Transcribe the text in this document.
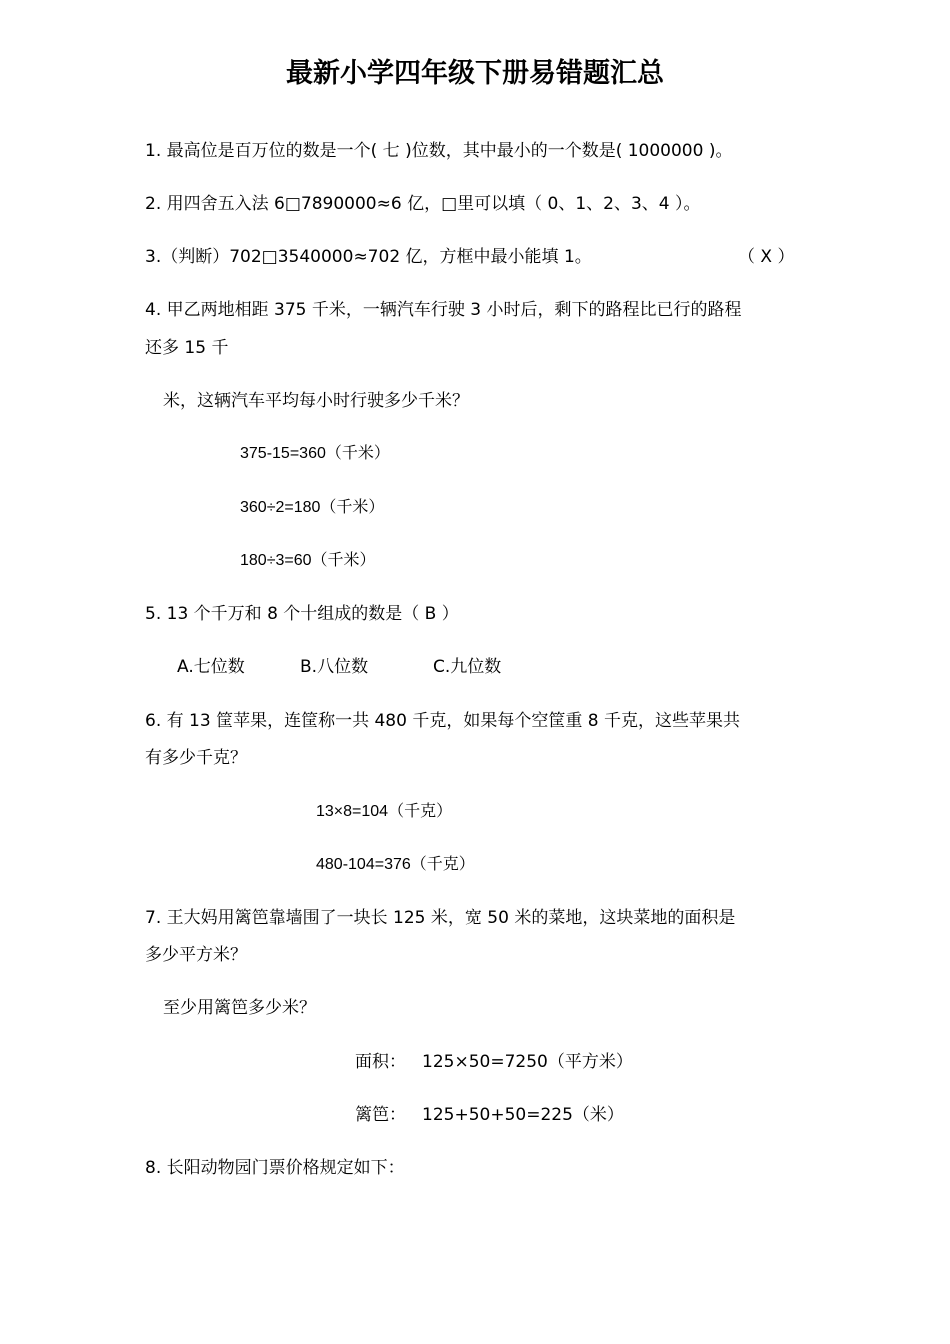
最新小学四年级下册易错题汇总
1. 最高位是百万位的数是一个( 七 )位数，其中最小的一个数是( 1000000 )。
2. 用四舍五入法 6□7890000≈6 亿，□里可以填（ 0、1、2、3、4 ）。
3.（判断）702□3540000≈702 亿，方框中最小能填 1。	（ X ）
4. 甲乙两地相距 375 千米，一辆汽车行驶 3 小时后，剩下的路程比已行的路程
还多 15 千
米，这辆汽车平均每小时行驶多少千米？
375-15=360（千米）
360÷2=180（千米）
180÷3=60（千米）
5. 13 个千万和 8 个十组成的数是（ B ）
A.七位数	B.八位数	C.九位数
6. 有 13 筐苹果，连筐称一共 480 千克，如果每个空筐重 8 千克，这些苹果共
有多少千克？
13×8=104（千克）
480-104=376（千克）
7. 王大妈用篱笆靠墙围了一块长 125 米，宽 50 米的菜地，这块菜地的面积是
多少平方米？
至少用篱笆多少米？
面积： 125×50=7250（平方米）
篱笆： 125+50+50=225（米）
8. 长阳动物园门票价格规定如下：
